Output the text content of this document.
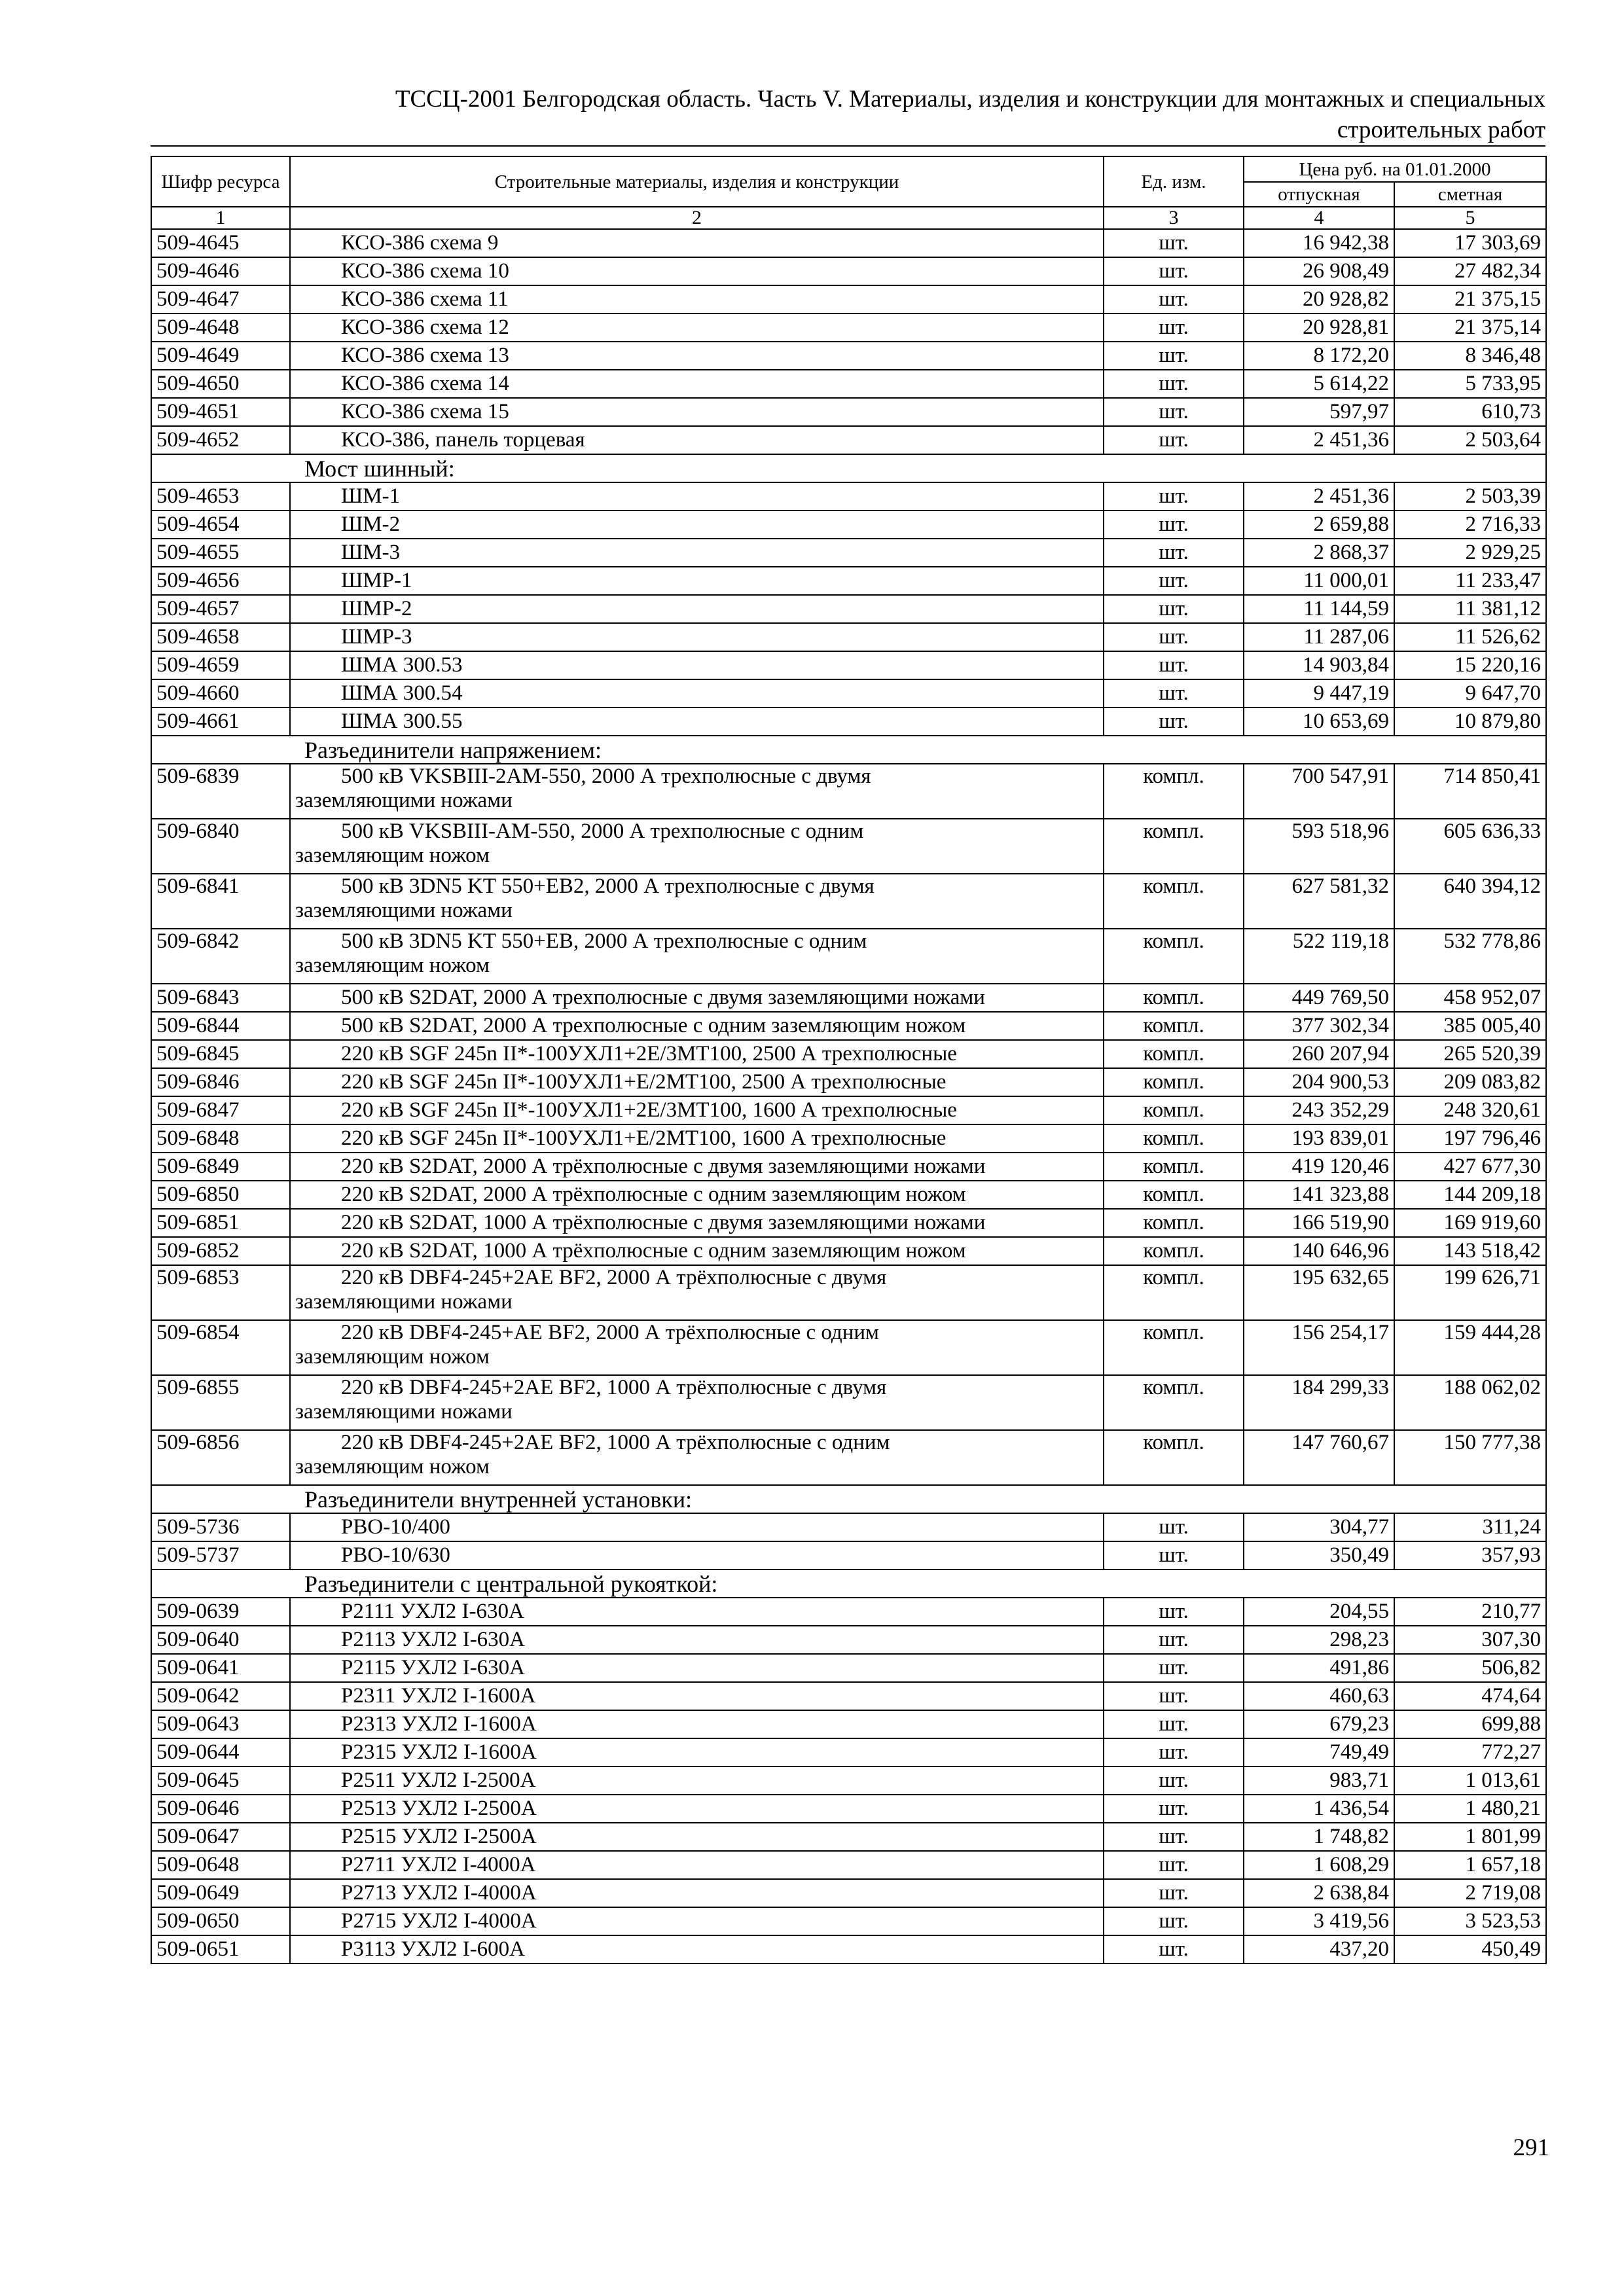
ТССЦ-2001 Белгородская область. Часть V. Материалы, изделия и конструкции для монтажных и специальных
строительных работ
Шифр ресурса	Строительные материалы, изделия и конструкции	Ед. изм.	Цена руб. на 01.01.2000	
			отпускная	сметная
1	2	3	4	5
509-4645	КСО-386 схема 9	шт.	16 942,38	17 303,69
509-4646	КСО-386 схема 10	шт.	26 908,49	27 482,34
509-4647	КСО-386 схема 11	шт.	20 928,82	21 375,15
509-4648	КСО-386 схема 12	шт.	20 928,81	21 375,14
509-4649	КСО-386 схема 13	шт.	8 172,20	8 346,48
509-4650	КСО-386 схема 14	шт.	5 614,22	5 733,95
509-4651	КСО-386 схема 15	шт.	597,97	610,73
509-4652	КСО-386, панель торцевая	шт.	2 451,36	2 503,64
Мост шинный:				
509-4653	ШМ-1	шт.	2 451,36	2 503,39
509-4654	ШМ-2	шт.	2 659,88	2 716,33
509-4655	ШМ-3	шт.	2 868,37	2 929,25
509-4656	ШМР-1	шт.	11 000,01	11 233,47
509-4657	ШМР-2	шт.	11 144,59	11 381,12
509-4658	ШМР-3	шт.	11 287,06	11 526,62
509-4659	ШМА 300.53	шт.	14 903,84	15 220,16
509-4660	ШМА 300.54	шт.	9 447,19	9 647,70
509-4661	ШМА 300.55	шт.	10 653,69	10 879,80
Разъединители напряжением:				
509-6839	500 кВ VKSBIII-2AM-550, 2000 А трехполюсные с двумя
заземляющими ножами	компл.	700 547,91	714 850,41
509-6840	500 кВ VKSBIII-AM-550, 2000 А трехполюсные с одним
заземляющим ножом	компл.	593 518,96	605 636,33
509-6841	500 кВ 3DN5 KT 550+EB2, 2000 А трехполюсные с двумя
заземляющими ножами	компл.	627 581,32	640 394,12
509-6842	500 кВ 3DN5 KT 550+EB, 2000 А трехполюсные с одним
заземляющим ножом	компл.	522 119,18	532 778,86
509-6843	500 кВ S2DAT, 2000 А трехполюсные с двумя заземляющими ножами	компл.	449 769,50	458 952,07
509-6844	500 кВ S2DAT, 2000 А трехполюсные с одним заземляющим ножом	компл.	377 302,34	385 005,40
509-6845	220 кВ SGF 245n II*-100УХЛ1+2Е/3МТ100, 2500 А трехполюсные	компл.	260 207,94	265 520,39
509-6846	220 кВ SGF 245n II*-100УХЛ1+Е/2МТ100, 2500 А трехполюсные	компл.	204 900,53	209 083,82
509-6847	220 кВ SGF 245n II*-100УХЛ1+2Е/3МТ100, 1600 А трехполюсные	компл.	243 352,29	248 320,61
509-6848	220 кВ SGF 245n II*-100УХЛ1+Е/2МТ100, 1600 А трехполюсные	компл.	193 839,01	197 796,46
509-6849	220 кВ S2DAT, 2000 А трёхполюсные с двумя заземляющими ножами	компл.	419 120,46	427 677,30
509-6850	220 кВ S2DAT, 2000 А трёхполюсные с одним заземляющим ножом	компл.	141 323,88	144 209,18
509-6851	220 кВ S2DAT, 1000 А трёхполюсные с двумя заземляющими ножами	компл.	166 519,90	169 919,60
509-6852	220 кВ S2DAT, 1000 А трёхполюсные с одним заземляющим ножом	компл.	140 646,96	143 518,42
509-6853	220 кВ DBF4-245+2AE BF2, 2000 А трёхполюсные с двумя
заземляющими ножами	компл.	195 632,65	199 626,71
509-6854	220 кВ DBF4-245+AE BF2, 2000 А трёхполюсные с одним
заземляющим ножом	компл.	156 254,17	159 444,28
509-6855	220 кВ DBF4-245+2AE BF2, 1000 А трёхполюсные с двумя
заземляющими ножами	компл.	184 299,33	188 062,02
509-6856	220 кВ DBF4-245+2AE BF2, 1000 А трёхполюсные с одним
заземляющим ножом	компл.	147 760,67	150 777,38
Разъединители внутренней установки:				
509-5736	РВО-10/400	шт.	304,77	311,24
509-5737	РВО-10/630	шт.	350,49	357,93
Разъединители с центральной рукояткой:				
509-0639	Р2111 УХЛ2 I-630А	шт.	204,55	210,77
509-0640	Р2113 УХЛ2 I-630А	шт.	298,23	307,30
509-0641	Р2115 УХЛ2 I-630А	шт.	491,86	506,82
509-0642	Р2311 УХЛ2 I-1600А	шт.	460,63	474,64
509-0643	Р2313 УХЛ2 I-1600А	шт.	679,23	699,88
509-0644	Р2315 УХЛ2 I-1600А	шт.	749,49	772,27
509-0645	Р2511 УХЛ2 I-2500А	шт.	983,71	1 013,61
509-0646	Р2513 УХЛ2 I-2500А	шт.	1 436,54	1 480,21
509-0647	Р2515 УХЛ2 I-2500А	шт.	1 748,82	1 801,99
509-0648	Р2711 УХЛ2 I-4000А	шт.	1 608,29	1 657,18
509-0649	Р2713 УХЛ2 I-4000А	шт.	2 638,84	2 719,08
509-0650	Р2715 УХЛ2 I-4000А	шт.	3 419,56	3 523,53
509-0651	Р3113 УХЛ2 I-600А	шт.	437,20	450,49
291
